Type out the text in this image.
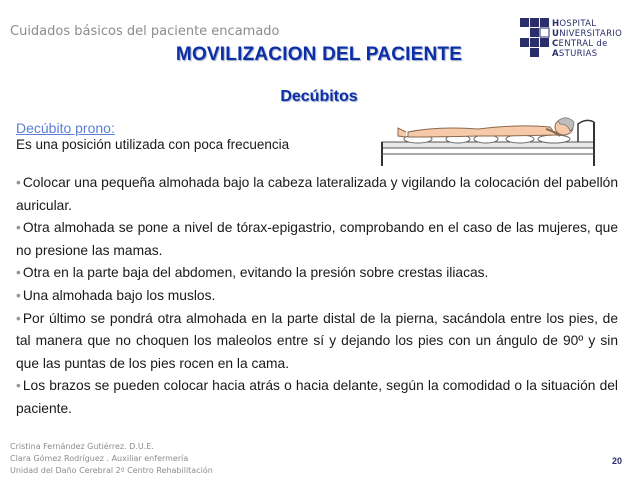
Cuidados básicos del paciente encamado	HOSPITAL
UNIVERSITARIO
CENTRAL de
ASTURIAS
MOVILIZACION DEL PACIENTE
Decúbitos
Decúbito prono:
Es una posición utilizada con poca frecuencia
• Colocar una pequeña almohada bajo la cabeza lateralizada y vigilando la colocación del pabellón auricular.
• Otra almohada se pone a nivel de tórax-epigastrio, comprobando en el caso de las mujeres, que no presione las mamas.
• Otra en la parte baja del abdomen, evitando la presión sobre crestas iliacas.
• Una almohada bajo los muslos.
• Por último se pondrá otra almohada en la parte distal de la pierna, sacándola entre los pies, de tal manera que no choquen los maleolos entre sí y dejando los pies con un ángulo de 90º y sin que las puntas de los pies rocen en la cama.
• Los brazos se pueden colocar hacia atrás o hacia delante, según la comodidad o la situación del paciente.
Cristina Fernández Gutiérrez. D.U.E.
Clara Gómez Rodríguez . Auxiliar enfermería
Unidad del Daño Cerebral 2º Centro Rehabilitación
20
